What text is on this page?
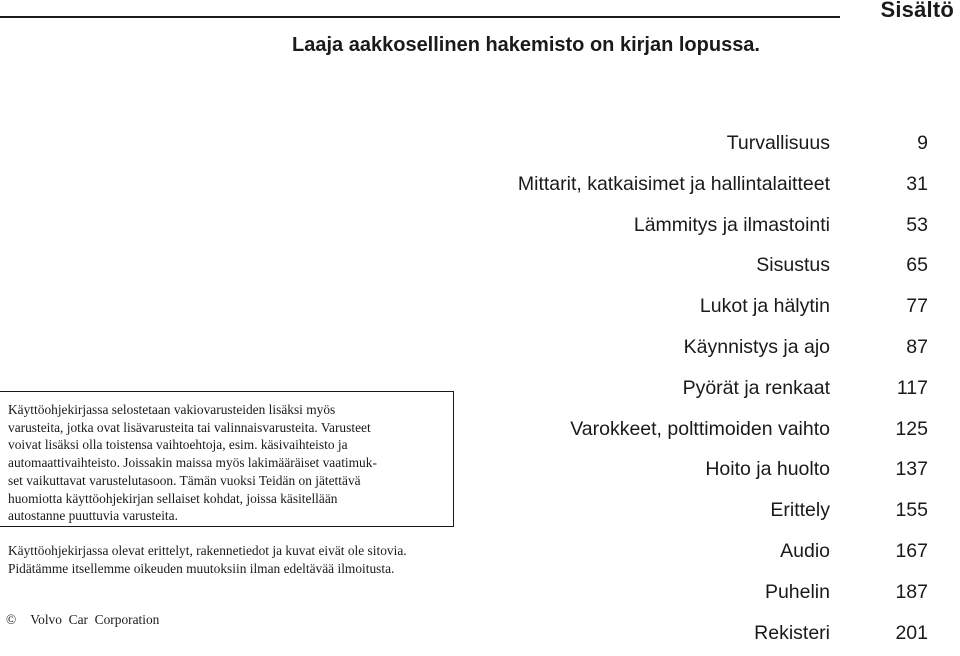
Sisältö
Laaja aakkosellinen hakemisto on kirjan lopussa.
Turvallisuus	9
Mittarit, katkaisimet ja hallintalaitteet	31
Lämmitys ja ilmastointi	53
Sisustus	65
Lukot ja hälytin	77
Käynnistys ja ajo	87
Pyörät ja renkaat	117
Varokkeet, polttimoiden vaihto	125
Hoito ja huolto	137
Erittely	155
Audio	167
Puhelin	187
Rekisteri	201
Käyttöohjekirjassa selostetaan vakiovarusteiden lisäksi myös
varusteita, jotka ovat lisävarusteita tai valinnaisvarusteita. Varusteet
voivat lisäksi olla toistensa vaihtoehtoja, esim. käsivaihteisto ja
automaattivaihteisto. Joissakin maissa myös lakimääräiset vaatimuk-
set vaikuttavat varustelutasoon. Tämän vuoksi Teidän on jätettävä
huomiotta käyttöohjekirjan sellaiset kohdat, joissa käsitellään
autostanne puuttuvia varusteita.
Käyttöohjekirjassa olevat erittelyt, rakennetiedot ja kuvat eivät ole sitovia.
Pidätämme itsellemme oikeuden muutoksiin ilman edeltävää ilmoitusta.
© Volvo  Car  Corporation
